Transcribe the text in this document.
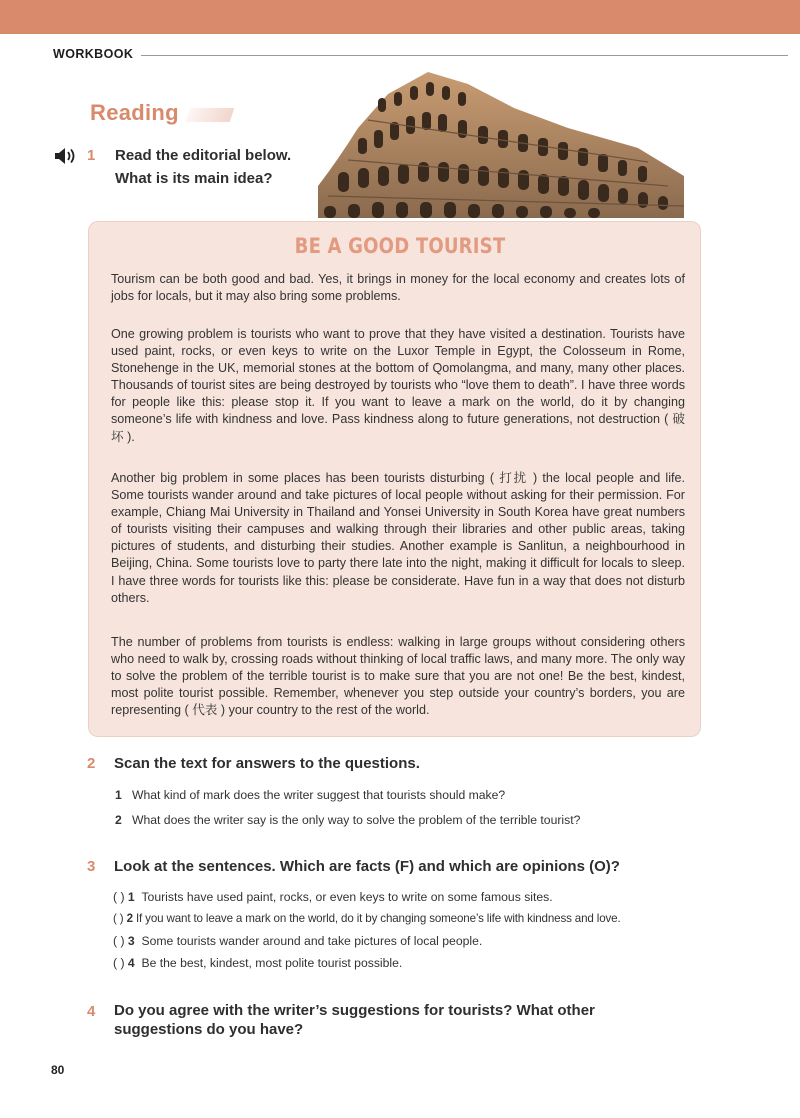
WORKBOOK
Reading
1 Read the editorial below.
What is its main idea?
BE A GOOD TOURIST
Tourism can be both good and bad. Yes, it brings in money for the local economy and creates lots of jobs for locals, but it may also bring some problems.
One growing problem is tourists who want to prove that they have visited a destination. Tourists have used paint, rocks, or even keys to write on the Luxor Temple in Egypt, the Colosseum in Rome, Stonehenge in the UK, memorial stones at the bottom of Qomolangma, and many, many other places. Thousands of tourist sites are being destroyed by tourists who “love them to death”. I have three words for people like this: please stop it. If you want to leave a mark on the world, do it by changing someone’s life with kindness and love. Pass kindness along to future generations, not destruction ( 破坏 ).
Another big problem in some places has been tourists disturbing ( 打扰 ) the local people and life. Some tourists wander around and take pictures of local people without asking for their permission. For example, Chiang Mai University in Thailand and Yonsei University in South Korea have great numbers of tourists visiting their campuses and walking through their libraries and other public areas, taking pictures of students, and disturbing their studies. Another example is Sanlitun, a neighbourhood in Beijing, China. Some tourists love to party there late into the night, making it difficult for locals to sleep. I have three words for tourists like this: please be considerate. Have fun in a way that does not disturb others.
The number of problems from tourists is endless: walking in large groups without considering others who need to walk by, crossing roads without thinking of local traffic laws, and many more. The only way to solve the problem of the terrible tourist is to make sure that you are not one! Be the best, kindest, most polite tourist possible. Remember, whenever you step outside your country’s borders, you are representing ( 代表 ) your country to the rest of the world.
2 Scan the text for answers to the questions.
1 What kind of mark does the writer suggest that tourists should make?
2 What does the writer say is the only way to solve the problem of the terrible tourist?
3 Look at the sentences. Which are facts (F) and which are opinions (O)?
( ) 1 Tourists have used paint, rocks, or even keys to write on some famous sites.
( ) 2 If you want to leave a mark on the world, do it by changing someone’s life with kindness and love.
( ) 3 Some tourists wander around and take pictures of local people.
( ) 4 Be the best, kindest, most polite tourist possible.
4 Do you agree with the writer’s suggestions for tourists? What other
suggestions do you have?
80
